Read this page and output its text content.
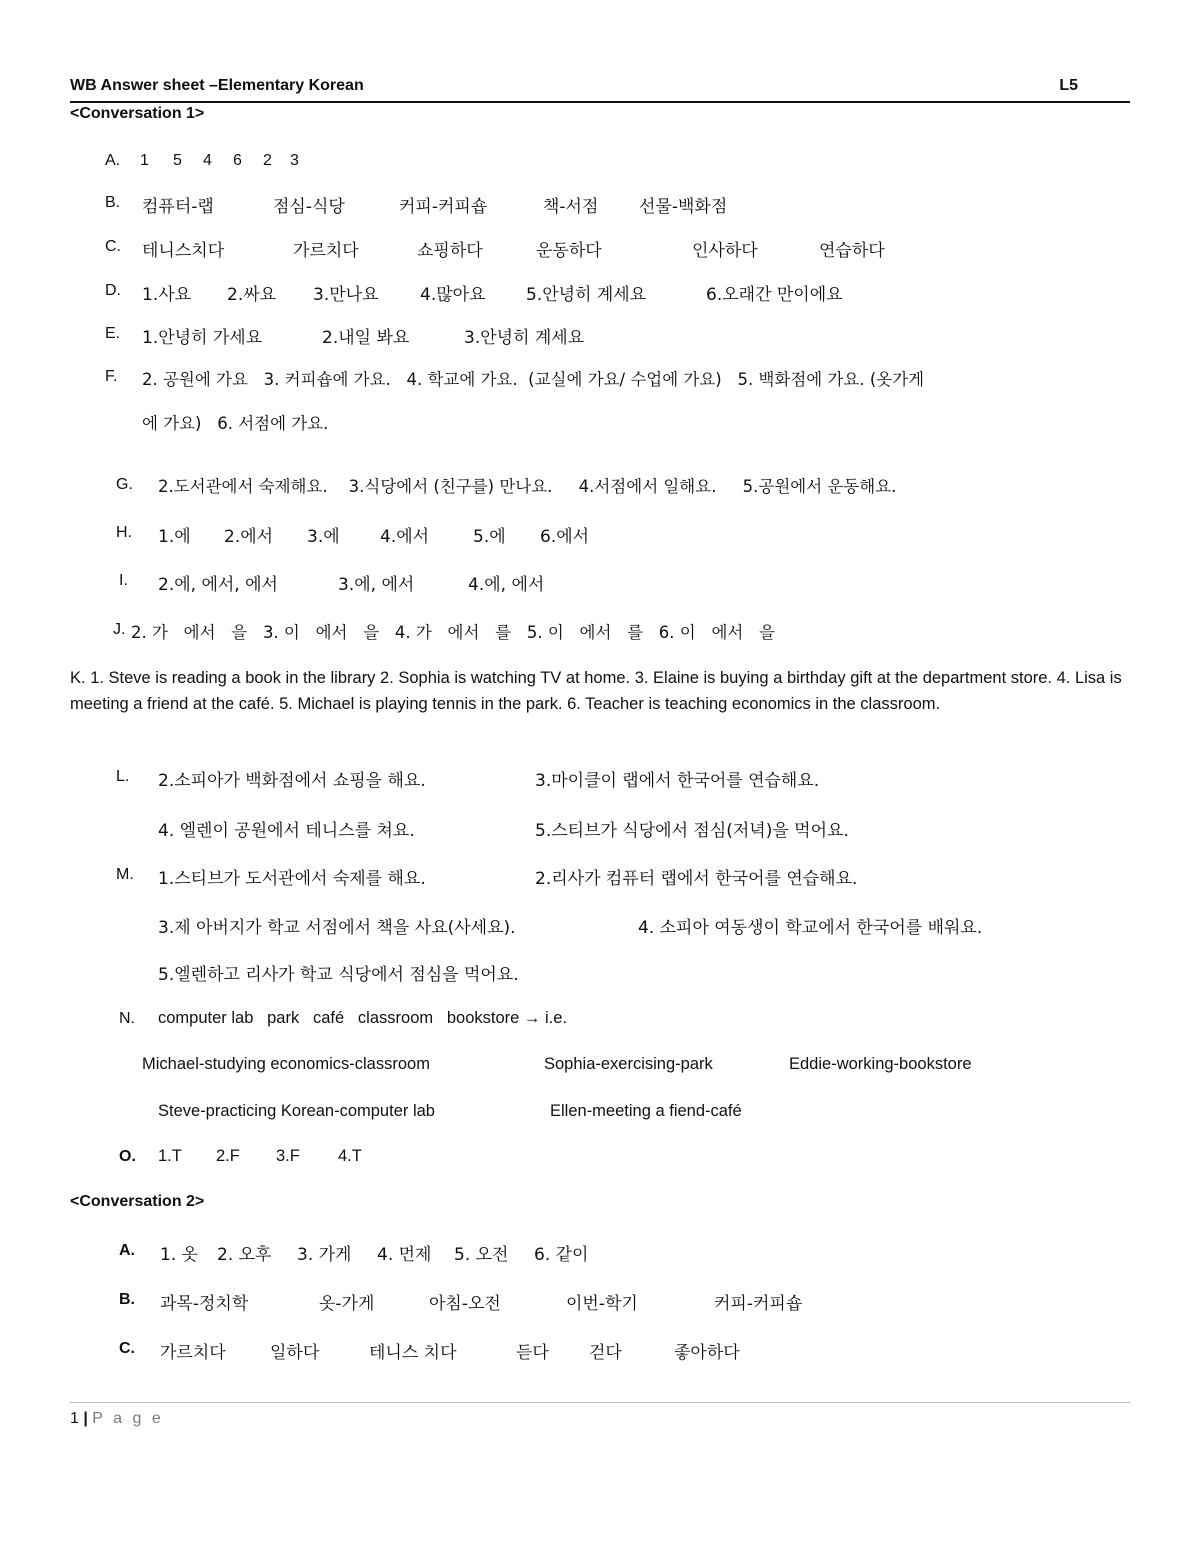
WB Answer sheet –Elementary Korean	L5
<Conversation 1>
A. 1 5 4 6 2 3
B. 컴퓨터-랩	점심-식당	커피-커피숍	책-서점 선물-백화점
C. 테니스치다	가르치다	쇼핑하다	운동하다	인사하다	연습하다
D. 1.사요 2.싸요 3.만나요 4.많아요 5.안녕히 계세요	6.오래간 만이에요
E. 1.안녕히 가세요	2.내일 봐요	3.안녕히 계세요
F. 2. 공원에 가요   3. 커피숍에 가요.   4. 학교에 가요.  (교실에 가요/ 수업에 가요)   5. 백화점에 가요. (옷가게
에 가요)   6. 서점에 가요.
G. 2.도서관에서 숙제해요.    3.식당에서 (친구를) 만나요.     4.서점에서 일해요.     5.공원에서 운동해요.
H. 1.에 2.에서 3.에 4.에서	5.에 6.에서
I. 2.에, 에서, 에서	3.에, 에서	4.에, 에서
J. 2. 가   에서   을   3. 이   에서   을   4. 가   에서   를   5. 이   에서   를   6. 이   에서   을
K. 1. Steve is reading a book in the library 2. Sophia is watching TV at home. 3. Elaine is buying a birthday gift at the department store. 4. Lisa is meeting a friend at the café. 5. Michael is playing tennis in the park. 6. Teacher is teaching economics in the classroom.
L. 2.소피아가 백화점에서 쇼핑을 해요.	3.마이클이 랩에서 한국어를 연습해요.
4. 엘렌이 공원에서 테니스를 쳐요.	5.스티브가 식당에서 점심(저녁)을 먹어요.
M. 1.스티브가 도서관에서 숙제를 해요.	2.리사가 컴퓨터 랩에서 한국어를 연습해요.
3.제 아버지가 학교 서점에서 책을 사요(사세요).	4. 소피아 여동생이 학교에서 한국어를 배워요.
5.엘렌하고 리사가 학교 식당에서 점심을 먹어요.
N. computer lab   park   café   classroom   bookstore → i.e.
Michael-studying economics-classroom	Sophia-exercising-park	Eddie-working-bookstore
Steve-practicing Korean-computer lab	Ellen-meeting a fiend-café
O. 1.T 2.F 3.F 4.T
<Conversation 2>
A. 1. 옷 2. 오후 3. 가게 4. 먼제 5. 오전 6. 같이
B. 과목-정치학	옷-가게	아침-오전	이번-학기	커피-커피숍
C. 가르치다	일하다	테니스 치다	듣다 걷다	좋아하다
1 | P a g e
